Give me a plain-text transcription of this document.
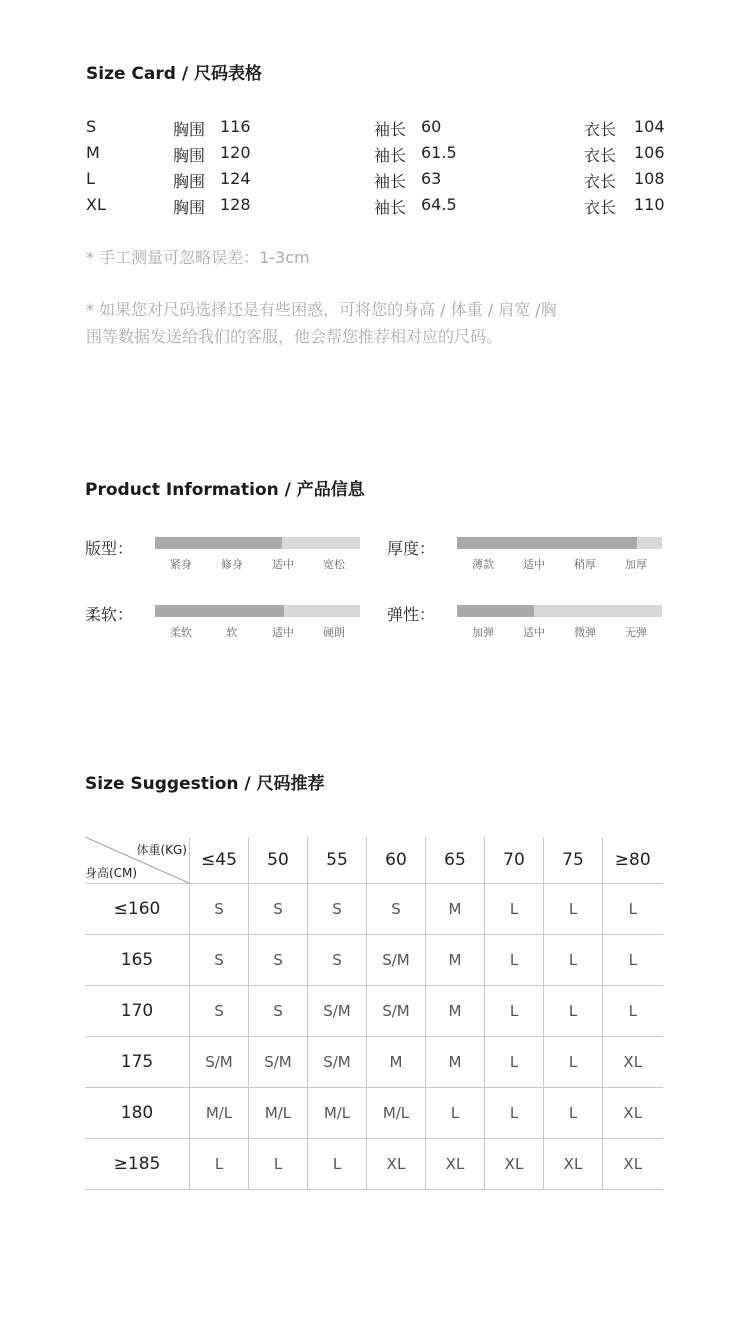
Size Card / 尺码表格
S	胸围 116	袖长 60	衣长 104
M	胸围 120	袖长 61.5	衣长 106
L	胸围 124	袖长 63	衣长 108
XL	胸围 128	袖长 64.5	衣长 110
* 手工测量可忽略误差：1-3cm
* 如果您对尺码选择还是有些困惑，可将您的身高 / 体重 / 肩宽 /胸
围等数据发送给我们的客服，他会帮您推荐相对应的尺码。
Product Information / 产品信息
版型：
紧身	修身	适中	宽松
厚度：
薄款	适中	稍厚	加厚
柔软：
柔软	软	适中	硬朗
弹性：
加弹	适中	微弹	无弹
Size Suggestion / 尺码推荐
体重(KG)
身高(CM)	≤45	50	55	60	65	70	75	≥80
≤160	S	S	S	S	M	L	L	L
165	S	S	S	S/M	M	L	L	L
170	S	S	S/M	S/M	M	L	L	L
175	S/M	S/M	S/M	M	M	L	L	XL
180	M/L	M/L	M/L	M/L	L	L	L	XL
≥185	L	L	L	XL	XL	XL	XL	XL
